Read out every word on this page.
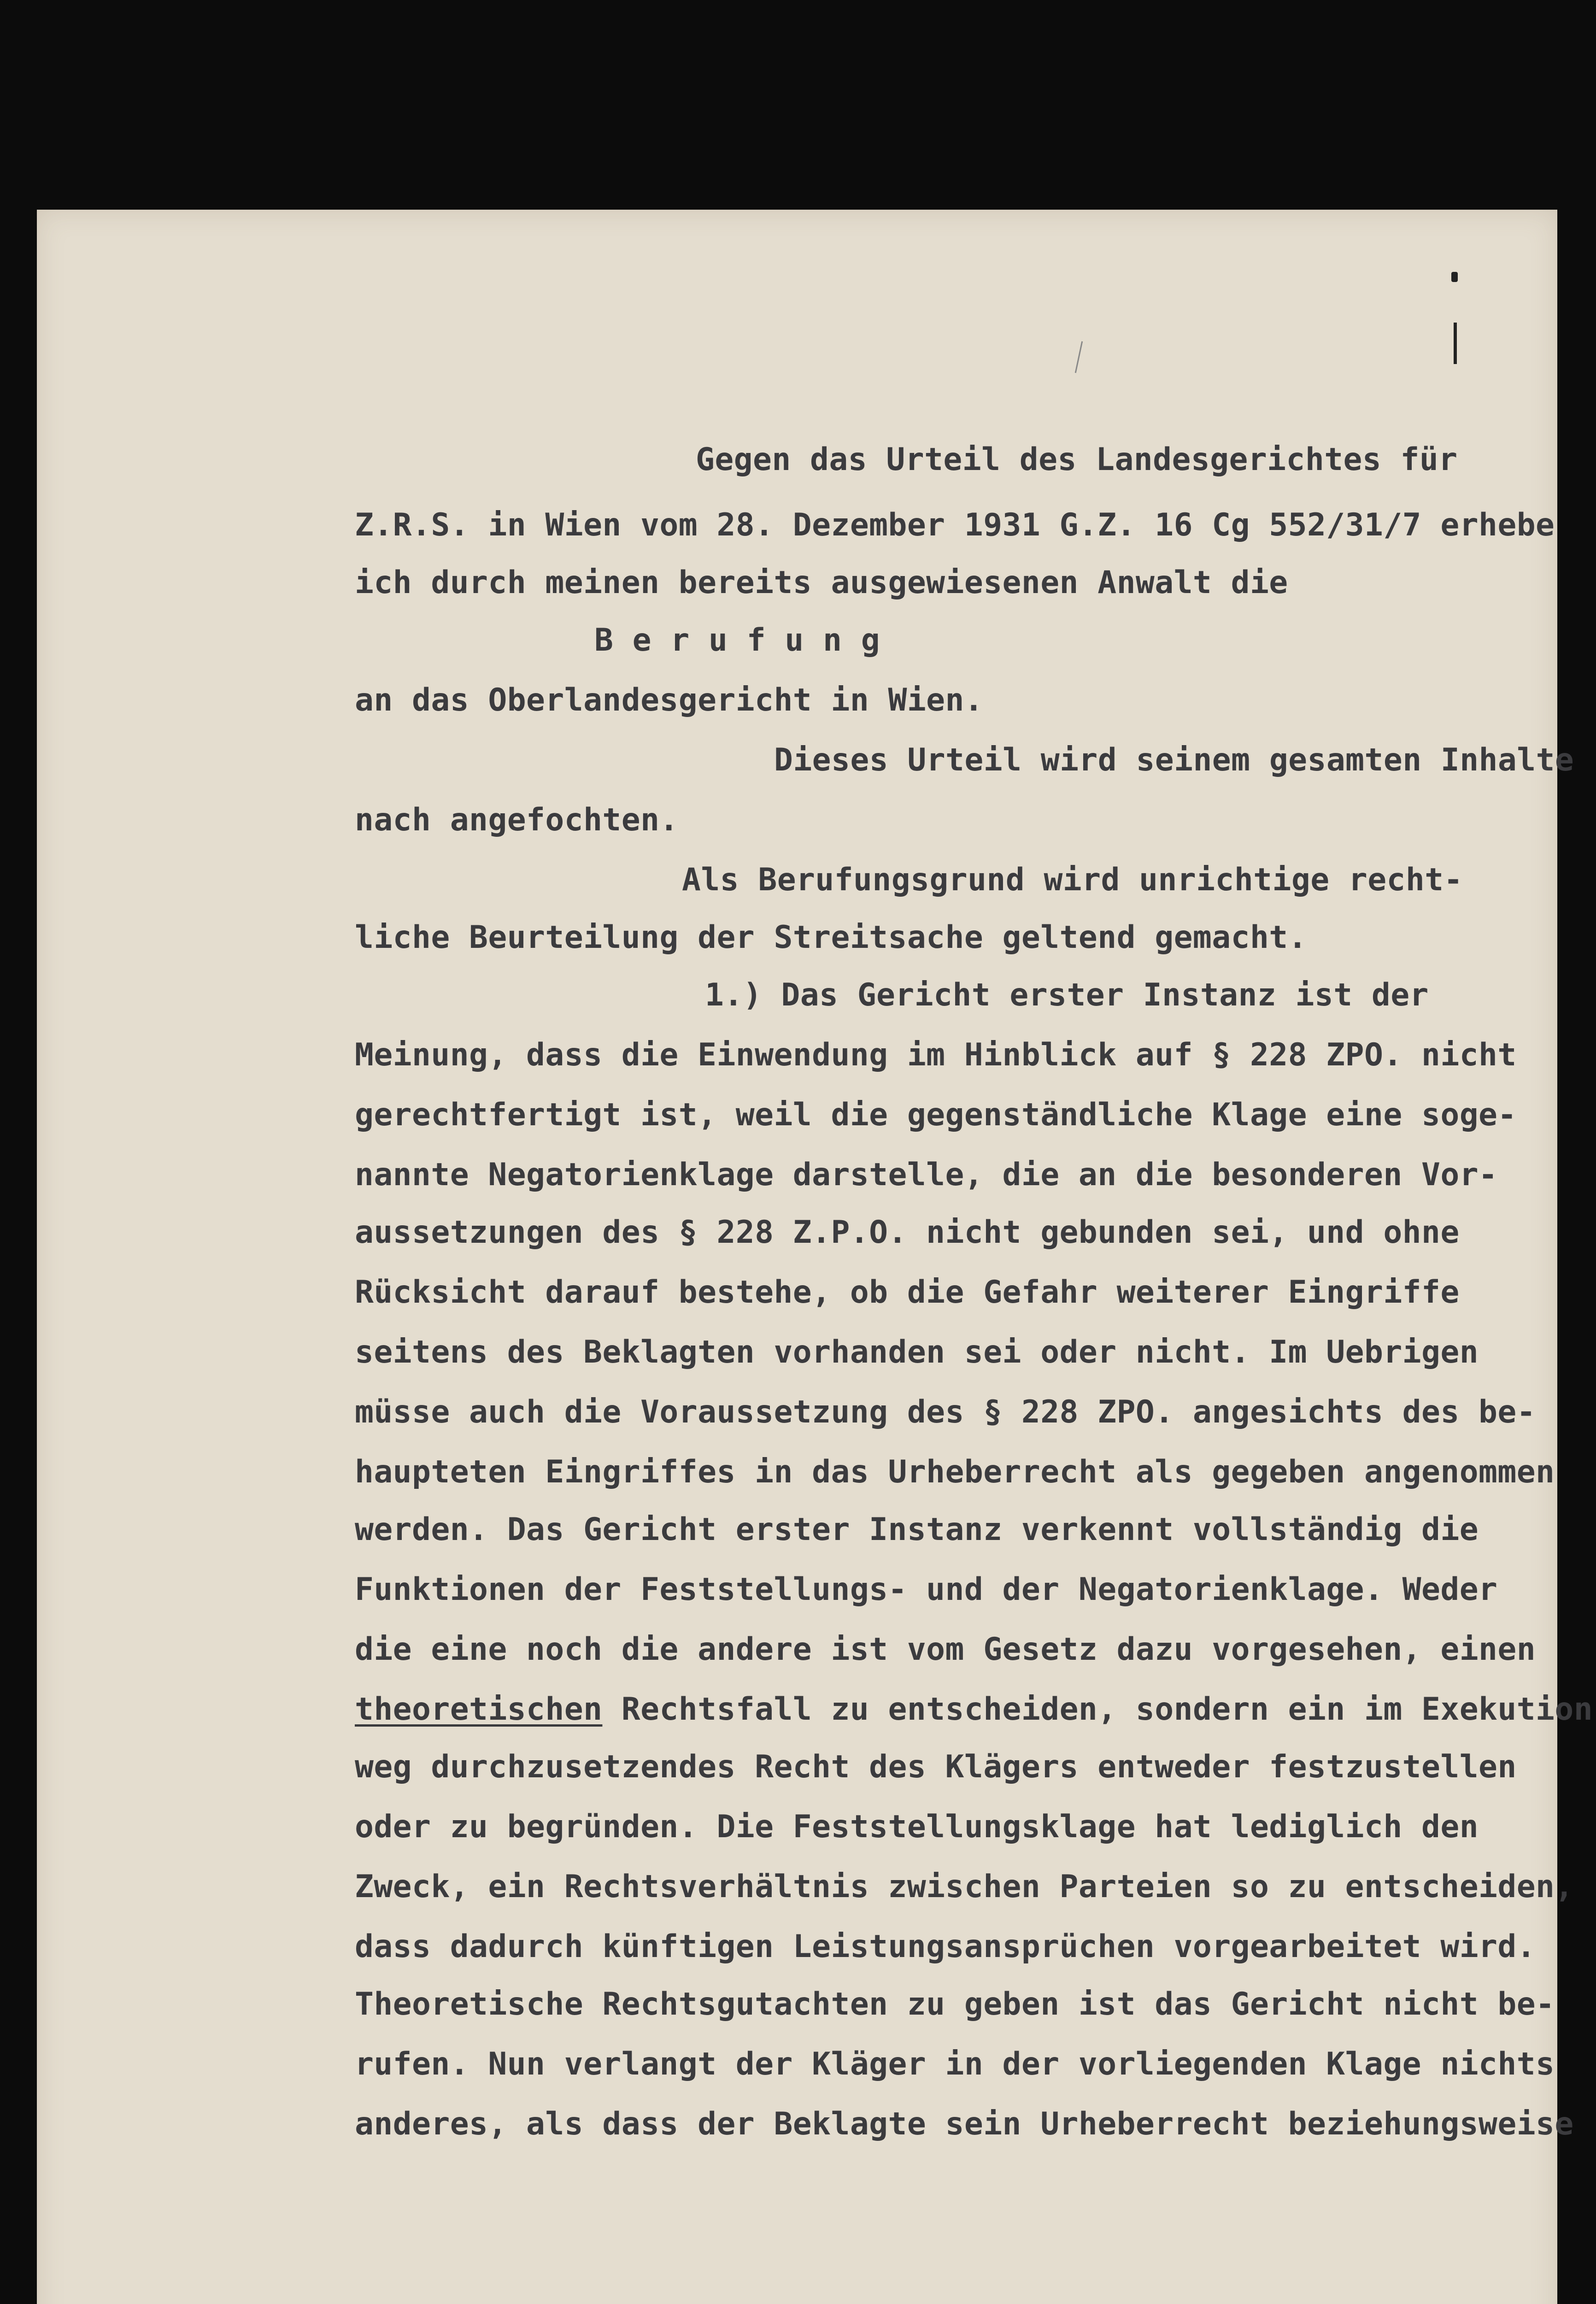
Gegen das Urteil des Landesgerichtes für
Z.R.S. in Wien vom 28. Dezember 1931 G.Z. 16 Cg 552/31/7 erhebe
ich durch meinen bereits ausgewiesenen Anwalt die
B e r u f u n g
an das Oberlandesgericht in Wien.
Dieses Urteil wird seinem gesamten Inhalte
nach angefochten.
Als Berufungsgrund wird unrichtige recht-
liche Beurteilung der Streitsache geltend gemacht.
1.) Das Gericht erster Instanz ist der
Meinung, dass die Einwendung im Hinblick auf § 228 ZPO. nicht
gerechtfertigt ist, weil die gegenständliche Klage eine soge-
nannte Negatorienklage darstelle, die an die besonderen Vor-
aussetzungen des § 228 Z.P.O. nicht gebunden sei, und ohne
Rücksicht darauf bestehe, ob die Gefahr weiterer Eingriffe
seitens des Beklagten vorhanden sei oder nicht. Im Uebrigen
müsse auch die Voraussetzung des § 228 ZPO. angesichts des be-
haupteten Eingriffes in das Urheberrecht als gegeben angenommen
werden. Das Gericht erster Instanz verkennt vollständig die
Funktionen der Feststellungs- und der Negatorienklage. Weder
die eine noch die andere ist vom Gesetz dazu vorgesehen, einen
theoretischen Rechtsfall zu entscheiden, sondern ein im Exekution
weg durchzusetzendes Recht des Klägers entweder festzustellen
oder zu begründen. Die Feststellungsklage hat lediglich den
Zweck, ein Rechtsverhältnis zwischen Parteien so zu entscheiden,
dass dadurch künftigen Leistungsansprüchen vorgearbeitet wird.
Theoretische Rechtsgutachten zu geben ist das Gericht nicht be-
rufen. Nun verlangt der Kläger in der vorliegenden Klage nichts
anderes, als dass der Beklagte sein Urheberrecht beziehungsweise
